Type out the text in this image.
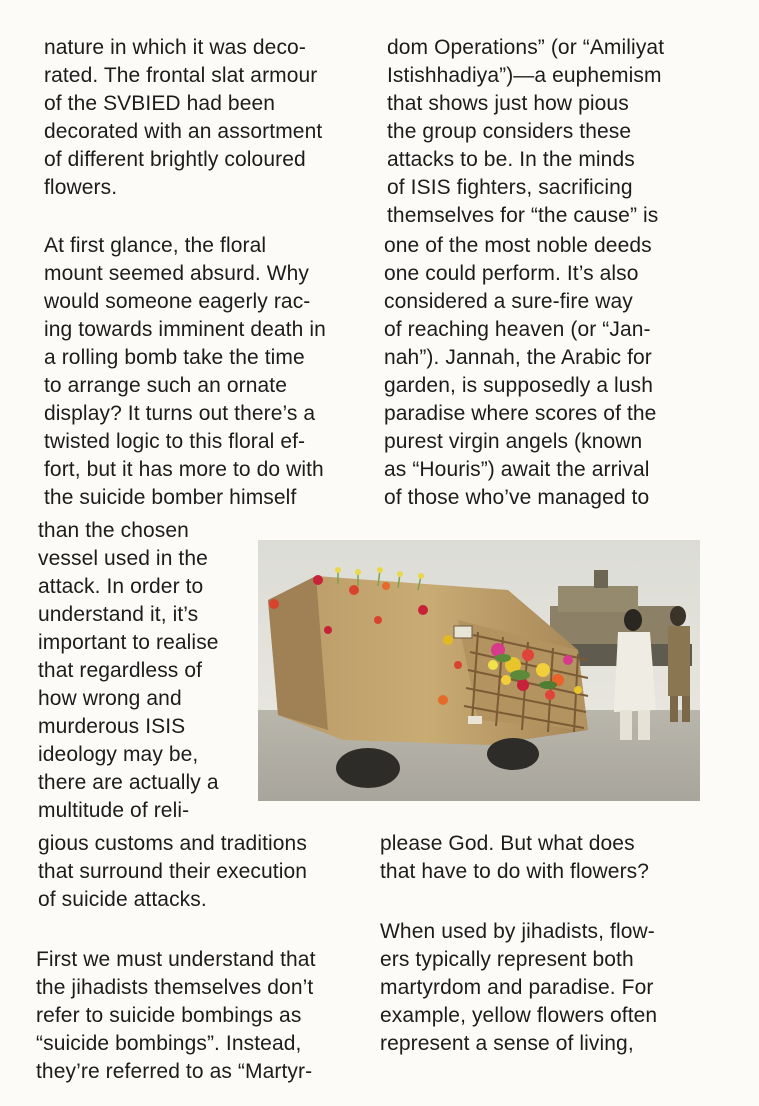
nature in which it was deco-
rated. The frontal slat armour
of the SVBIED had been
decorated with an assortment
of different brightly coloured
flowers.
At first glance, the floral
mount seemed absurd. Why
would someone eagerly rac-
ing towards imminent death in
a rolling bomb take the time
to arrange such an ornate
display? It turns out there’s a
twisted logic to this floral ef-
fort, but it has more to do with
the suicide bomber himself
than the chosen
vessel used in the
attack. In order to
understand it, it’s
important to realise
that regardless of
how wrong and
murderous ISIS
ideology may be,
there are actually a
multitude of reli-
gious customs and traditions
that surround their execution
of suicide attacks.
First we must understand that
the jihadists themselves don’t
refer to suicide bombings as
“suicide bombings”. Instead,
they’re referred to as “Martyr-
dom Operations” (or “Amiliyat
Istishhadiya”)—a euphemism
that shows just how pious
the group considers these
attacks to be. In the minds
of ISIS fighters, sacrificing
themselves for “the cause” is
one of the most noble deeds
one could perform. It’s also
considered a sure-fire way
of reaching heaven (or “Jan-
nah”). Jannah, the Arabic for
garden, is supposedly a lush
paradise where scores of the
purest virgin angels (known
as “Houris”) await the arrival
of those who’ve managed to
please God. But what does
that have to do with flowers?
When used by jihadists, flow-
ers typically represent both
martyrdom and paradise. For
example, yellow flowers often
represent a sense of living,
